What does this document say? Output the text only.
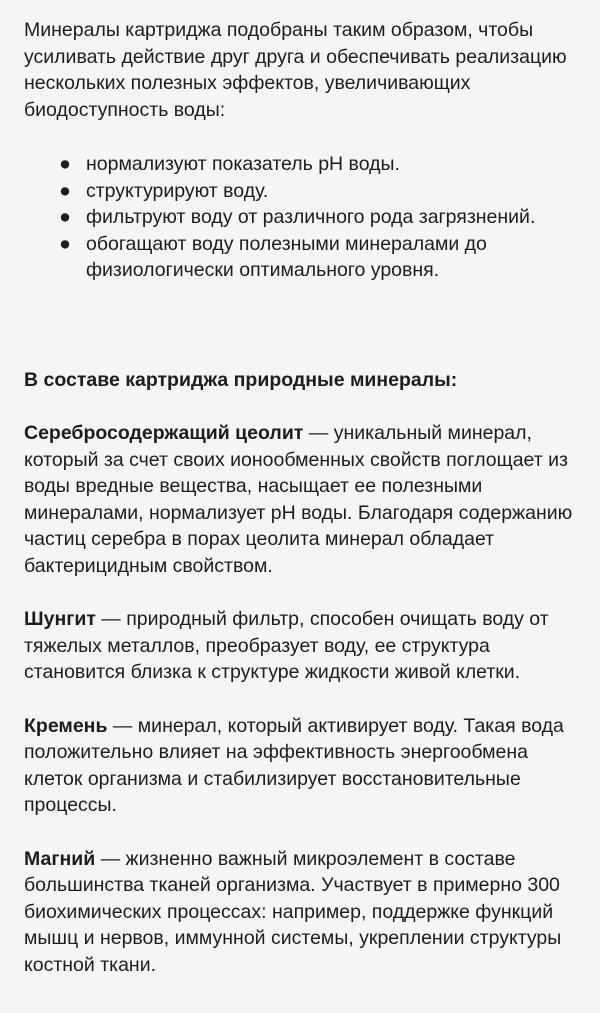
Минералы картриджа подобраны таким образом, чтобы усиливать действие друг друга и обеспечивать реализацию нескольких полезных эффектов, увеличивающих биодоступность воды:

● нормализуют показатель pH воды.
● структурируют воду.
● фильтруют воду от различного рода загрязнений.
● обогащают воду полезными минералами до физиологически оптимального уровня.

В составе картриджа природные минералы:

Серебросодержащий цеолит — уникальный минерал, который за счет своих ионообменных свойств поглощает из воды вредные вещества, насыщает ее полезными минералами, нормализует pH воды. Благодаря содержанию частиц серебра в порах цеолита минерал обладает бактерицидным свойством.

Шунгит — природный фильтр, способен очищать воду от тяжелых металлов, преобразует воду, ее структура становится близка к структуре жидкости живой клетки.

Кремень — минерал, который активирует воду. Такая вода положительно влияет на эффективность энергообмена клеток организма и стабилизирует восстановительные процессы.

Магний — жизненно важный микроэлемент в составе большинства тканей организма. Участвует в примерно 300 биохимических процессах: например, поддержке функций мышц и нервов, иммунной системы, укреплении структуры костной ткани.
